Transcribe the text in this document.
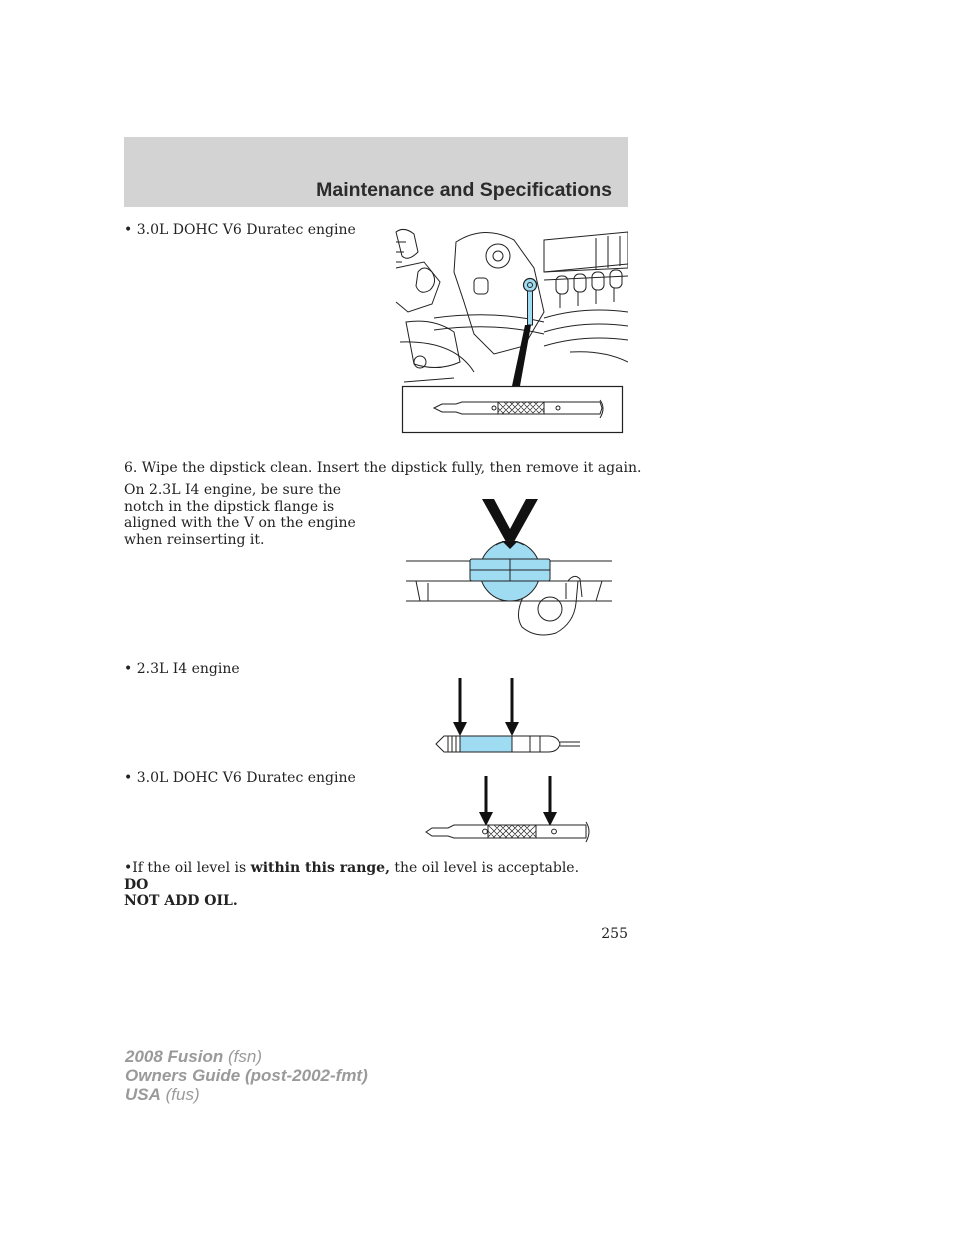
Maintenance and Specifications
• 3.0L DOHC V6 Duratec engine
6. Wipe the dipstick clean. Insert the dipstick fully, then remove it again.
On 2.3L I4 engine, be sure the
notch in the dipstick flange is
aligned with the V on the engine
when reinserting it.
• 2.3L I4 engine
• 3.0L DOHC V6 Duratec engine
•If the oil level is within this range, the oil level is acceptable. DO
NOT ADD OIL.
255
2008 Fusion (fsn)
Owners Guide (post-2002-fmt)
USA (fus)
